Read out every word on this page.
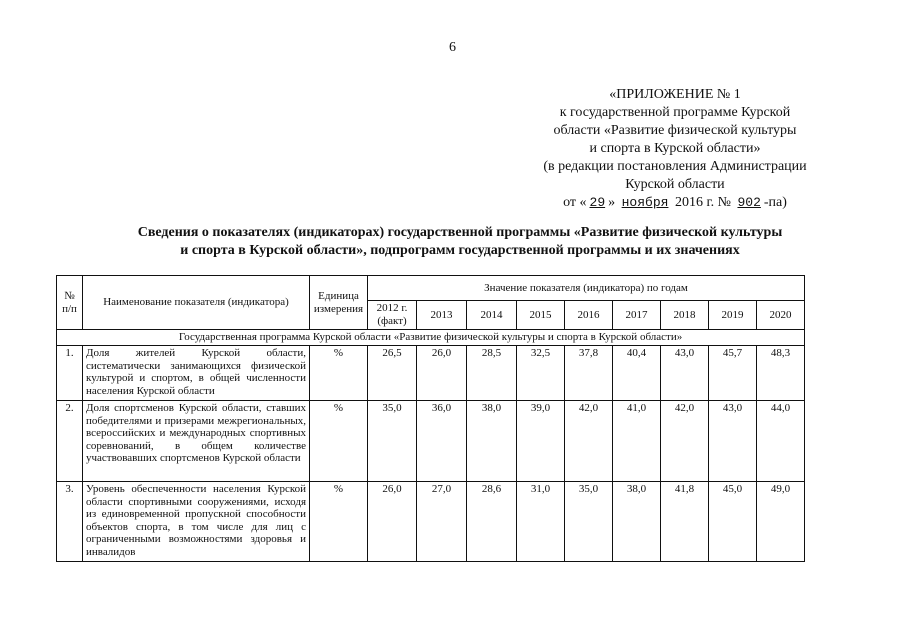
6
«ПРИЛОЖЕНИЕ № 1
к государственной программе Курской
области «Развитие физической культуры
и спорта в Курской области»
(в редакции постановления Администрации
Курской области
от « 29 » ноября 2016 г. № 902 -па)
Сведения о показателях (индикаторах) государственной программы «Развитие физической культуры
и спорта в Курской области», подпрограмм государственной программы и их значениях
№ п/п	Наименование показателя (индикатора)	Единица измерения	Значение показателя (индикатора) по годам								
			2012 г. (факт)	2013	2014	2015	2016	2017	2018	2019	2020
Государственная программа Курской области «Развитие физической культуры и спорта в Курской области»											
1.	Доля жителей Курской области, систематически занимающихся физической культурой и спортом, в общей численности населения Курской области	%	26,5	26,0	28,5	32,5	37,8	40,4	43,0	45,7	48,3
2.	Доля спортсменов Курской области, ставших победителями и призерами межрегиональных, всероссийских и международных спортивных соревнований, в общем количестве участвовавших спортсменов Курской области	%	35,0	36,0	38,0	39,0	42,0	41,0	42,0	43,0	44,0
3.	Уровень обеспеченности населения Курской области спортивными сооружениями, исходя из единовременной пропускной способности объектов спорта, в том числе для лиц с ограниченными возможностями здоровья и инвалидов	%	26,0	27,0	28,6	31,0	35,0	38,0	41,8	45,0	49,0
